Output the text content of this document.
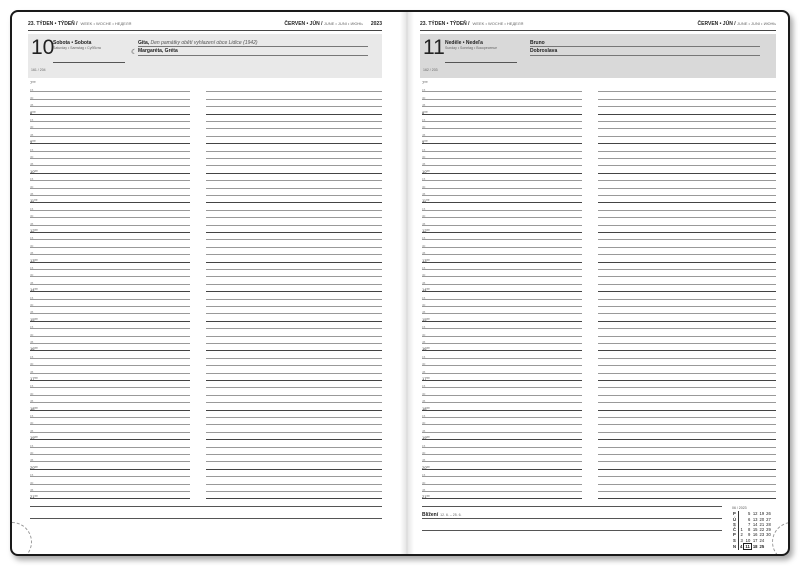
23. TÝDEN • TÝDEŇ / WEEK • WOCHE • НЕДЕЛЯ	ČERVEN • JÚN / JUNE • JUNI • ИЮНЬ 2023
10
Sobota • Sobota
Saturday • Samstag • Суббота
161 / 204
☾
Gita, Den památky obětí vyhlazení obce Lidice (1942)
Margaréta, Gréta
7⁰⁰
15
30
45
8⁰⁰
15
30
45
9⁰⁰
15
30
45
10⁰⁰
15
30
45
11⁰⁰
15
30
45
12⁰⁰
15
30
45
13⁰⁰
15
30
45
14⁰⁰
15
30
45
15⁰⁰
15
30
45
16⁰⁰
15
30
45
17⁰⁰
15
30
45
18⁰⁰
15
30
45
19⁰⁰
15
30
45
20⁰⁰
15
30
45
21⁰⁰
23. TÝDEN • TÝDEŇ / WEEK • WOCHE • НЕДЕЛЯ	ČERVEN • JÚN / JUNE • JUNI • ИЮНЬ
11 Neděle • Nedeľa
Sunday • Sonntag • Воскресенье
162 / 203
Bruno
Dobroslava
7⁰⁰
15
30
45
8⁰⁰
15
30
45
9⁰⁰
15
30
45
10⁰⁰
15
30
45
11⁰⁰
15
30
45
12⁰⁰
15
30
45
13⁰⁰
15
30
45
14⁰⁰
15
30
45
15⁰⁰
15
30
45
16⁰⁰
15
30
45
17⁰⁰
15
30
45
18⁰⁰
15
30
45
19⁰⁰
15
30
45
20⁰⁰
15
30
45
21⁰⁰
Blížení 12. 6. – 25. 6.
06 / 2023
P		5	12	19	26
Ú		6	13	20	27
S		7	14	21	28
Č	1	8	15	22	29
P	2	9	16	23	30
S	3	10	17	24	
N	4	11	18	25	
